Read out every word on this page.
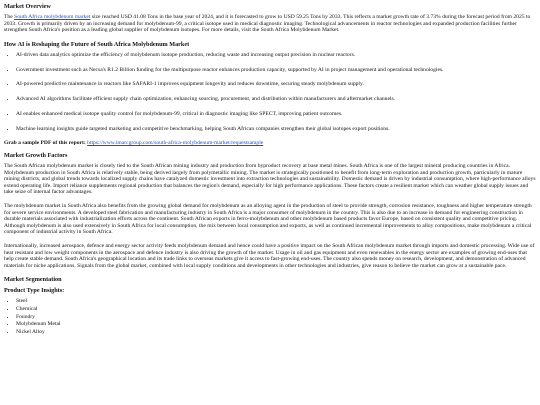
Market Overview

The South Africa molybdenum market size reached USD 41.08 Tons in the base year of 2024, and it is forecasted to grow to USD 59.25 Tons by 2033. This reflects a market growth rate of 3.73% during the forecast period from 2025 to 2033. Growth is primarily driven by an increasing demand for molybdenum-99, a critical isotope used in medical diagnostic imaging. Technological advancements in reactor technologies and expanded production facilities further strengthen South Africa's position as a leading global supplier of molybdenum isotopes. For more details, visit the South Africa Molybdenum Market.

How AI is Reshaping the Future of South Africa Molybdenum Market
• AI-driven data analytics optimize the efficiency of molybdenum isotope production, reducing waste and increasing output precision in nuclear reactors.
• Government investment such as Necsa's R1.2 Billion funding for the multipurpose reactor enhances production capacity, supported by AI in project management and operational technologies.
• AI-powered predictive maintenance in reactors like SAFARI-1 improves equipment longevity and reduces downtime, securing steady molybdenum supply.
• Advanced AI algorithms facilitate efficient supply chain optimization, enhancing sourcing, procurement, and distribution within manufacturers and aftermarket channels.
• AI enables enhanced medical isotope quality control for molybdenum-99, critical in diagnostic imaging like SPECT, improving patient outcomes.
• Machine learning insights guide targeted marketing and competitive benchmarking, helping South African companies strengthen their global isotopes export positions.

Grab a sample PDF of this report: https://www.imarcgroup.com/south-africa-molybdenum-market/requestsample

Market Growth Factors

The South African molybdenum market is closely tied to the South African mining industry and production from byproduct recovery at base metal mines. South Africa is one of the largest mineral producing countries in Africa. Molybdenum production in South Africa is relatively stable, being derived largely from polymetallic mining. The market is strategically positioned to benefit from long-term exploration and production growth, particularly in mature mining districts, and global trends towards localized supply chains have catalyzed domestic investment into extraction technologies and sustainability. Domestic demand is driven by industrial consumption, where high-performance alloys extend operating life. Import reliance supplements regional production that balances the region's demand, especially for high performance applications. These factors create a resilient market which can weather global supply issues and take seize of internal factor advantages.

The molybdenum market in South Africa also benefits from the growing global demand for molybdenum as an alloying agent in the production of steel to provide strength, corrosion resistance, toughness and higher temperature strength for severe service environments. A developed steel fabrication and manufacturing industry in South Africa is a major consumer of molybdenum in the country. This is also due to an increase in demand for engineering construction in durable materials associated with industrialization efforts across the continent. South African exports in ferro-molybdenum and other molybdenum based products favor Europe, based on consistent quality and competitive pricing. Although molybdenum is also used extensively in South Africa for local consumption, the mix between local consumption and exports, as well as continued incremental improvements to alloy compositions, make molybdenum a critical component of industrial activity in South Africa.

Internationally, increased aerospace, defence and energy sector activity feeds molybdenum demand and hence could have a positive impact on the South African molybdenum market through imports and domestic processing. Wide use of heat resistant and low weight components in the aerospace and defence industry is also driving the growth of the market. Usage in oil and gas equipment and even renewables in the energy sector are examples of growing end-uses that help create stable demand. South Africa's geographical location and its trade links to overseas markets give it access to fast-growing end-uses. The country also spends money on research, development, and demonstration of advanced materials for niche applications. Signals from the global market, combined with local supply conditions and developments in other technologies and industries, give reason to believe the market can grow at a sustainable pace.

Market Segmentation
Product Type Insights:
• Steel
• Chemical
• Foundry
• Molybdenum Metal
• Nickel Alloy
